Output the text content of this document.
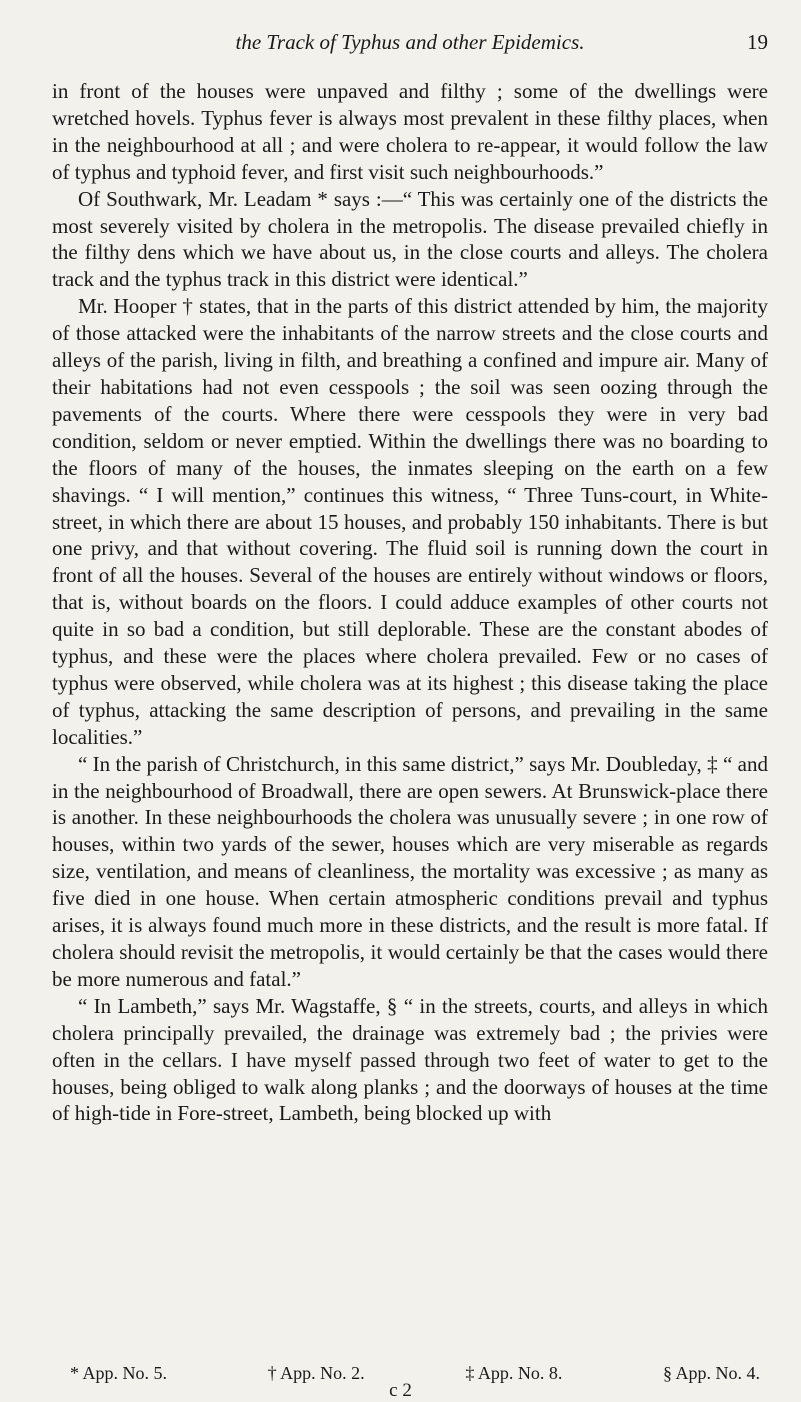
the Track of Typhus and other Epidemics.	19

in front of the houses were unpaved and filthy ; some of the dwellings were wretched hovels. Typhus fever is always most prevalent in these filthy places, when in the neighbourhood at all ; and were cholera to re-appear, it would follow the law of typhus and typhoid fever, and first visit such neighbourhoods.”

Of Southwark, Mr. Leadam * says :—“ This was certainly one of the districts the most severely visited by cholera in the metropolis. The disease prevailed chiefly in the filthy dens which we have about us, in the close courts and alleys. The cholera track and the typhus track in this district were identical.”

Mr. Hooper † states, that in the parts of this district attended by him, the majority of those attacked were the inhabitants of the narrow streets and the close courts and alleys of the parish, living in filth, and breathing a confined and impure air. Many of their habitations had not even cesspools ; the soil was seen oozing through the pavements of the courts. Where there were cesspools they were in very bad condition, seldom or never emptied. Within the dwellings there was no boarding to the floors of many of the houses, the inmates sleeping on the earth on a few shavings. “ I will mention,” continues this witness, “ Three Tuns-court, in White-street, in which there are about 15 houses, and probably 150 inhabitants. There is but one privy, and that without covering. The fluid soil is running down the court in front of all the houses. Several of the houses are entirely without windows or floors, that is, without boards on the floors. I could adduce examples of other courts not quite in so bad a condition, but still deplorable. These are the constant abodes of typhus, and these were the places where cholera prevailed. Few or no cases of typhus were observed, while cholera was at its highest ; this disease taking the place of typhus, attacking the same description of persons, and prevailing in the same localities.”

“ In the parish of Christchurch, in this same district,” says Mr. Doubleday, ‡ “ and in the neighbourhood of Broadwall, there are open sewers. At Brunswick-place there is another. In these neighbourhoods the cholera was unusually severe ; in one row of houses, within two yards of the sewer, houses which are very miserable as regards size, ventilation, and means of cleanliness, the mortality was excessive ; as many as five died in one house. When certain atmospheric conditions prevail and typhus arises, it is always found much more in these districts, and the result is more fatal. If cholera should revisit the metropolis, it would certainly be that the cases would there be more numerous and fatal.”

“ In Lambeth,” says Mr. Wagstaffe, § “ in the streets, courts, and alleys in which cholera principally prevailed, the drainage was extremely bad ; the privies were often in the cellars. I have myself passed through two feet of water to get to the houses, being obliged to walk along planks ; and the doorways of houses at the time of high-tide in Fore-street, Lambeth, being blocked up with

* App. No. 5.	† App. No. 2.	‡ App. No. 8.	§ App. No. 4.
c 2
